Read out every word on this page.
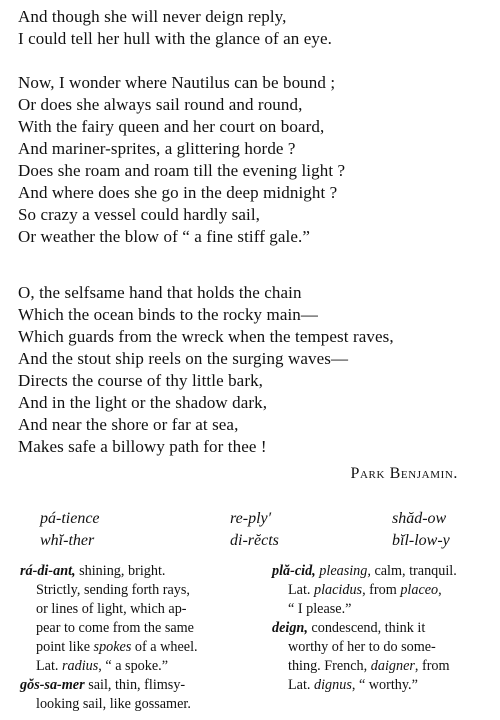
And though she will never deign reply,
I could tell her hull with the glance of an eye.
Now, I wonder where Nautilus can be bound ;
Or does she always sail round and round,
With the fairy queen and her court on board,
And mariner-sprites, a glittering horde ?
Does she roam and roam till the evening light ?
And where does she go in the deep midnight ?
So crazy a vessel could hardly sail,
Or weather the blow of “ a fine stiff gale.”
O, the selfsame hand that holds the chain
Which the ocean binds to the rocky main—
Which guards from the wreck when the tempest raves,
And the stout ship reels on the surging waves—
Directs the course of thy little bark,
And in the light or the shadow dark,
And near the shore or far at sea,
Makes safe a billowy path for thee !
Park Benjamin.
pá-tience	re-ply′	shăd-ow
whĭ-ther	di-rĕcts	bĭl-low-y
rá-di-ant, shining, bright.
Strictly, sending forth rays,
or lines of light, which ap-
pear to come from the same
point like spokes of a wheel.
Lat. radius, “ a spoke.”
gŏs-sa-mer sail, thin, flimsy-
looking sail, like gossamer.
plă-cid, pleasing, calm, tranquil.
Lat. placidus, from placeo,
“ I please.”
deign, condescend, think it
worthy of her to do some-
thing. French, daigner, from
Lat. dignus, “ worthy.”
